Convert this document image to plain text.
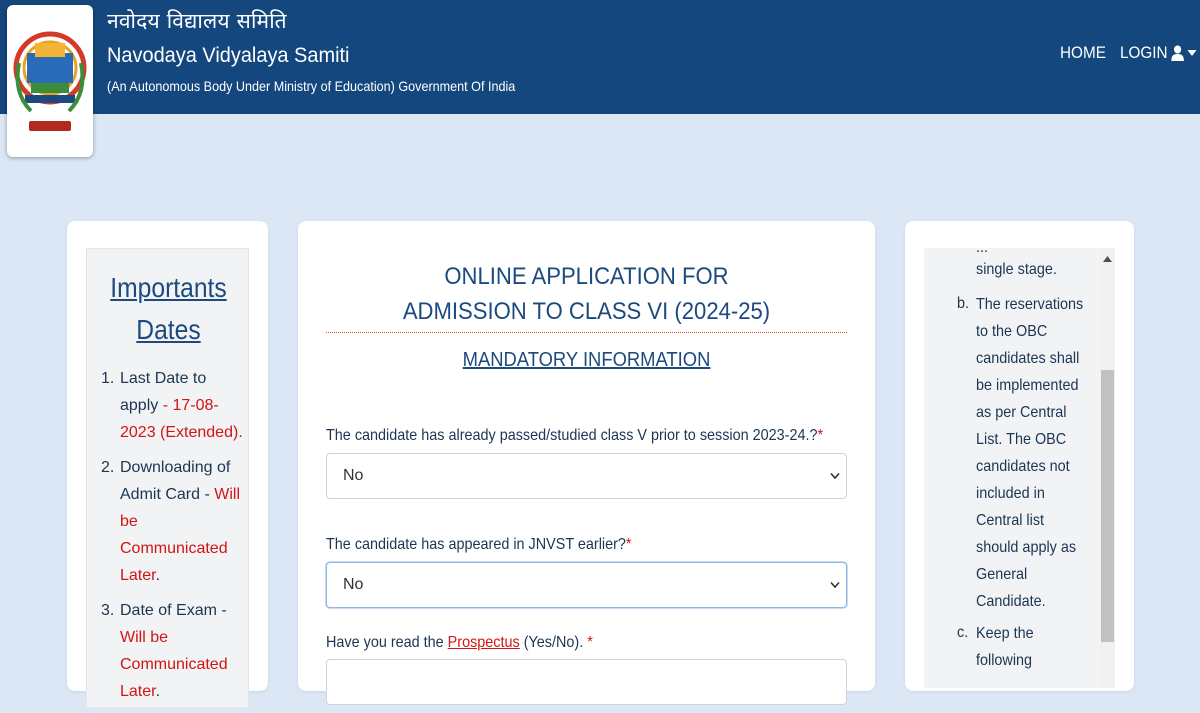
नवोदय विद्यालय समिति
Navodaya Vidyalaya Samiti
(An Autonomous Body Under Ministry of Education) Government Of India
HOME LOGIN
Importants Dates
1. Last Date to apply - 17-08-2023 (Extended).
2. Downloading of Admit Card - Will be Communicated Later.
3. Date of Exam - Will be Communicated Later.
ONLINE APPLICATION FOR
ADMISSION TO CLASS VI (2024-25)
MANDATORY INFORMATION
The candidate has already passed/studied class V prior to session 2023-24.?*
No
The candidate has appeared in JNVST earlier?*
No
Have you read the Prospectus (Yes/No). *
...
single stage.
b. The reservations
to the OBC
candidates shall
be implemented
as per Central
List. The OBC
candidates not
included in
Central list
should apply as
General
Candidate.
c. Keep the
following
